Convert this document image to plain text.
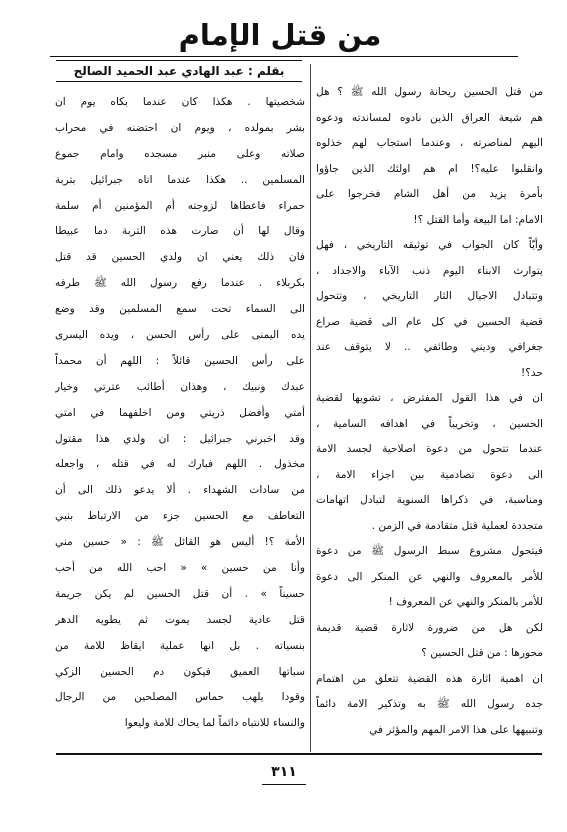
من قتل الإمام
بقلم : عبد الهادي عبد الحميد الصالح
من قتل الحسين ريحانة رسول الله ﷺ ؟ هل
هم شيعة العراق الذين نادوه لمساندته ودعوه
اليهم لمناصرته ، وعندما استجاب لهم خذلوه
وانقلبوا عليه؟! ام هم اولئك الذين جاؤوا
بأمرة يزيد من أهل الشام فخرجوا على
الامام: اما البيعة وأما القتل ؟!
وأيّاً كان الجواب في توثيقه التاريخي ، فهل
يتوارث الابناء اليوم ذنب الآباء والاجداد ،
وتتبادل الاجيال الثار التاريخي ، وتتحول
قضية الحسين في كل عام الى قضية صراع
جغرافي وديني وطائفي .. لا يتوقف عند
حد؟!
ان في هذا القول المفترض ، تشويها لقضية
الحسين ، وتخريباً في اهدافه السامية ،
عندما تتحول من دعوة اصلاحية لجسد الامة
الى دعوة تصادمية بين اجزاء الامة ،
ومناسبة، في ذكراها السنوية لتبادل اتهامات
متجددة لعملية قتل متقادمة في الزمن .
فيتحول مشروع سبط الرسول ﷺ من دعوة
للأمر بالمعروف والنهي عن المنكر الى دعوة
للأمر بالمنكر والنهي عن المعروف !
لكن هل من ضرورة لاثارة قضية قديمة
محورها : من قتل الحسين ؟
ان اهمية اثارة هذه القضية تتعلق من اهتمام
جده رسول الله ﷺ به وتذكير الامة دائماً
وتنبيهها على هذا الامر المهم والمؤثر في
شخصيتها . هكذا كان عندما بكاه يوم ان
بشر بمولده ، ويوم ان احتضنه في محراب
صلاته وعلى منبر مسجده وامام جموع
المسلمين .. هكذا عندما اتاه جبرائيل بتربة
حمراء فاعطاها لزوجته أم المؤمنين أم سلمة
وقال لها أن صارت هذه التربة دما عبيطا
فان ذلك يعني ان ولدي الحسين قد قتل
بكربلاء . عندما رفع رسول الله ﷺ طرفه
الى السماء تحت سمع المسلمين وقد وضع
يده اليمنى على رأس الحسن ، ويده اليسرى
على رأس الحسين قائلاً : اللهم أن محمداً
عبدك ونبيك ، وهذان أطائب عترتي وخيار
أمتي وأفضل ذريتي ومن اخلفهما في امتي
وقد اخبرني جبرائيل : ان ولدي هذا مقتول
مخذول . اللهم فبارك له في قتله ، واجعله
من سادات الشهداء . ألا يدعو ذلك الى أن
التعاطف مع الحسين جزء من الارتباط بنبي
الأمة ؟! أليس هو القائل ﷺ : « حسين مني
وأنا من حسين » « احب الله من أحب
حسيناً » . أن قتل الحسين لم يكن جريمة
قتل عادية لجسد يموت ثم يطويه الدهر
بنسياته . بل انها عملية ايقاظ للامة من
سباتها العميق فيكون دم الحسين الزكي
وقودا يلهب حماس المصلحين من الرجال
والنساء للانتباه دائماً لما يحاك للامة وليعوا
٣١١
